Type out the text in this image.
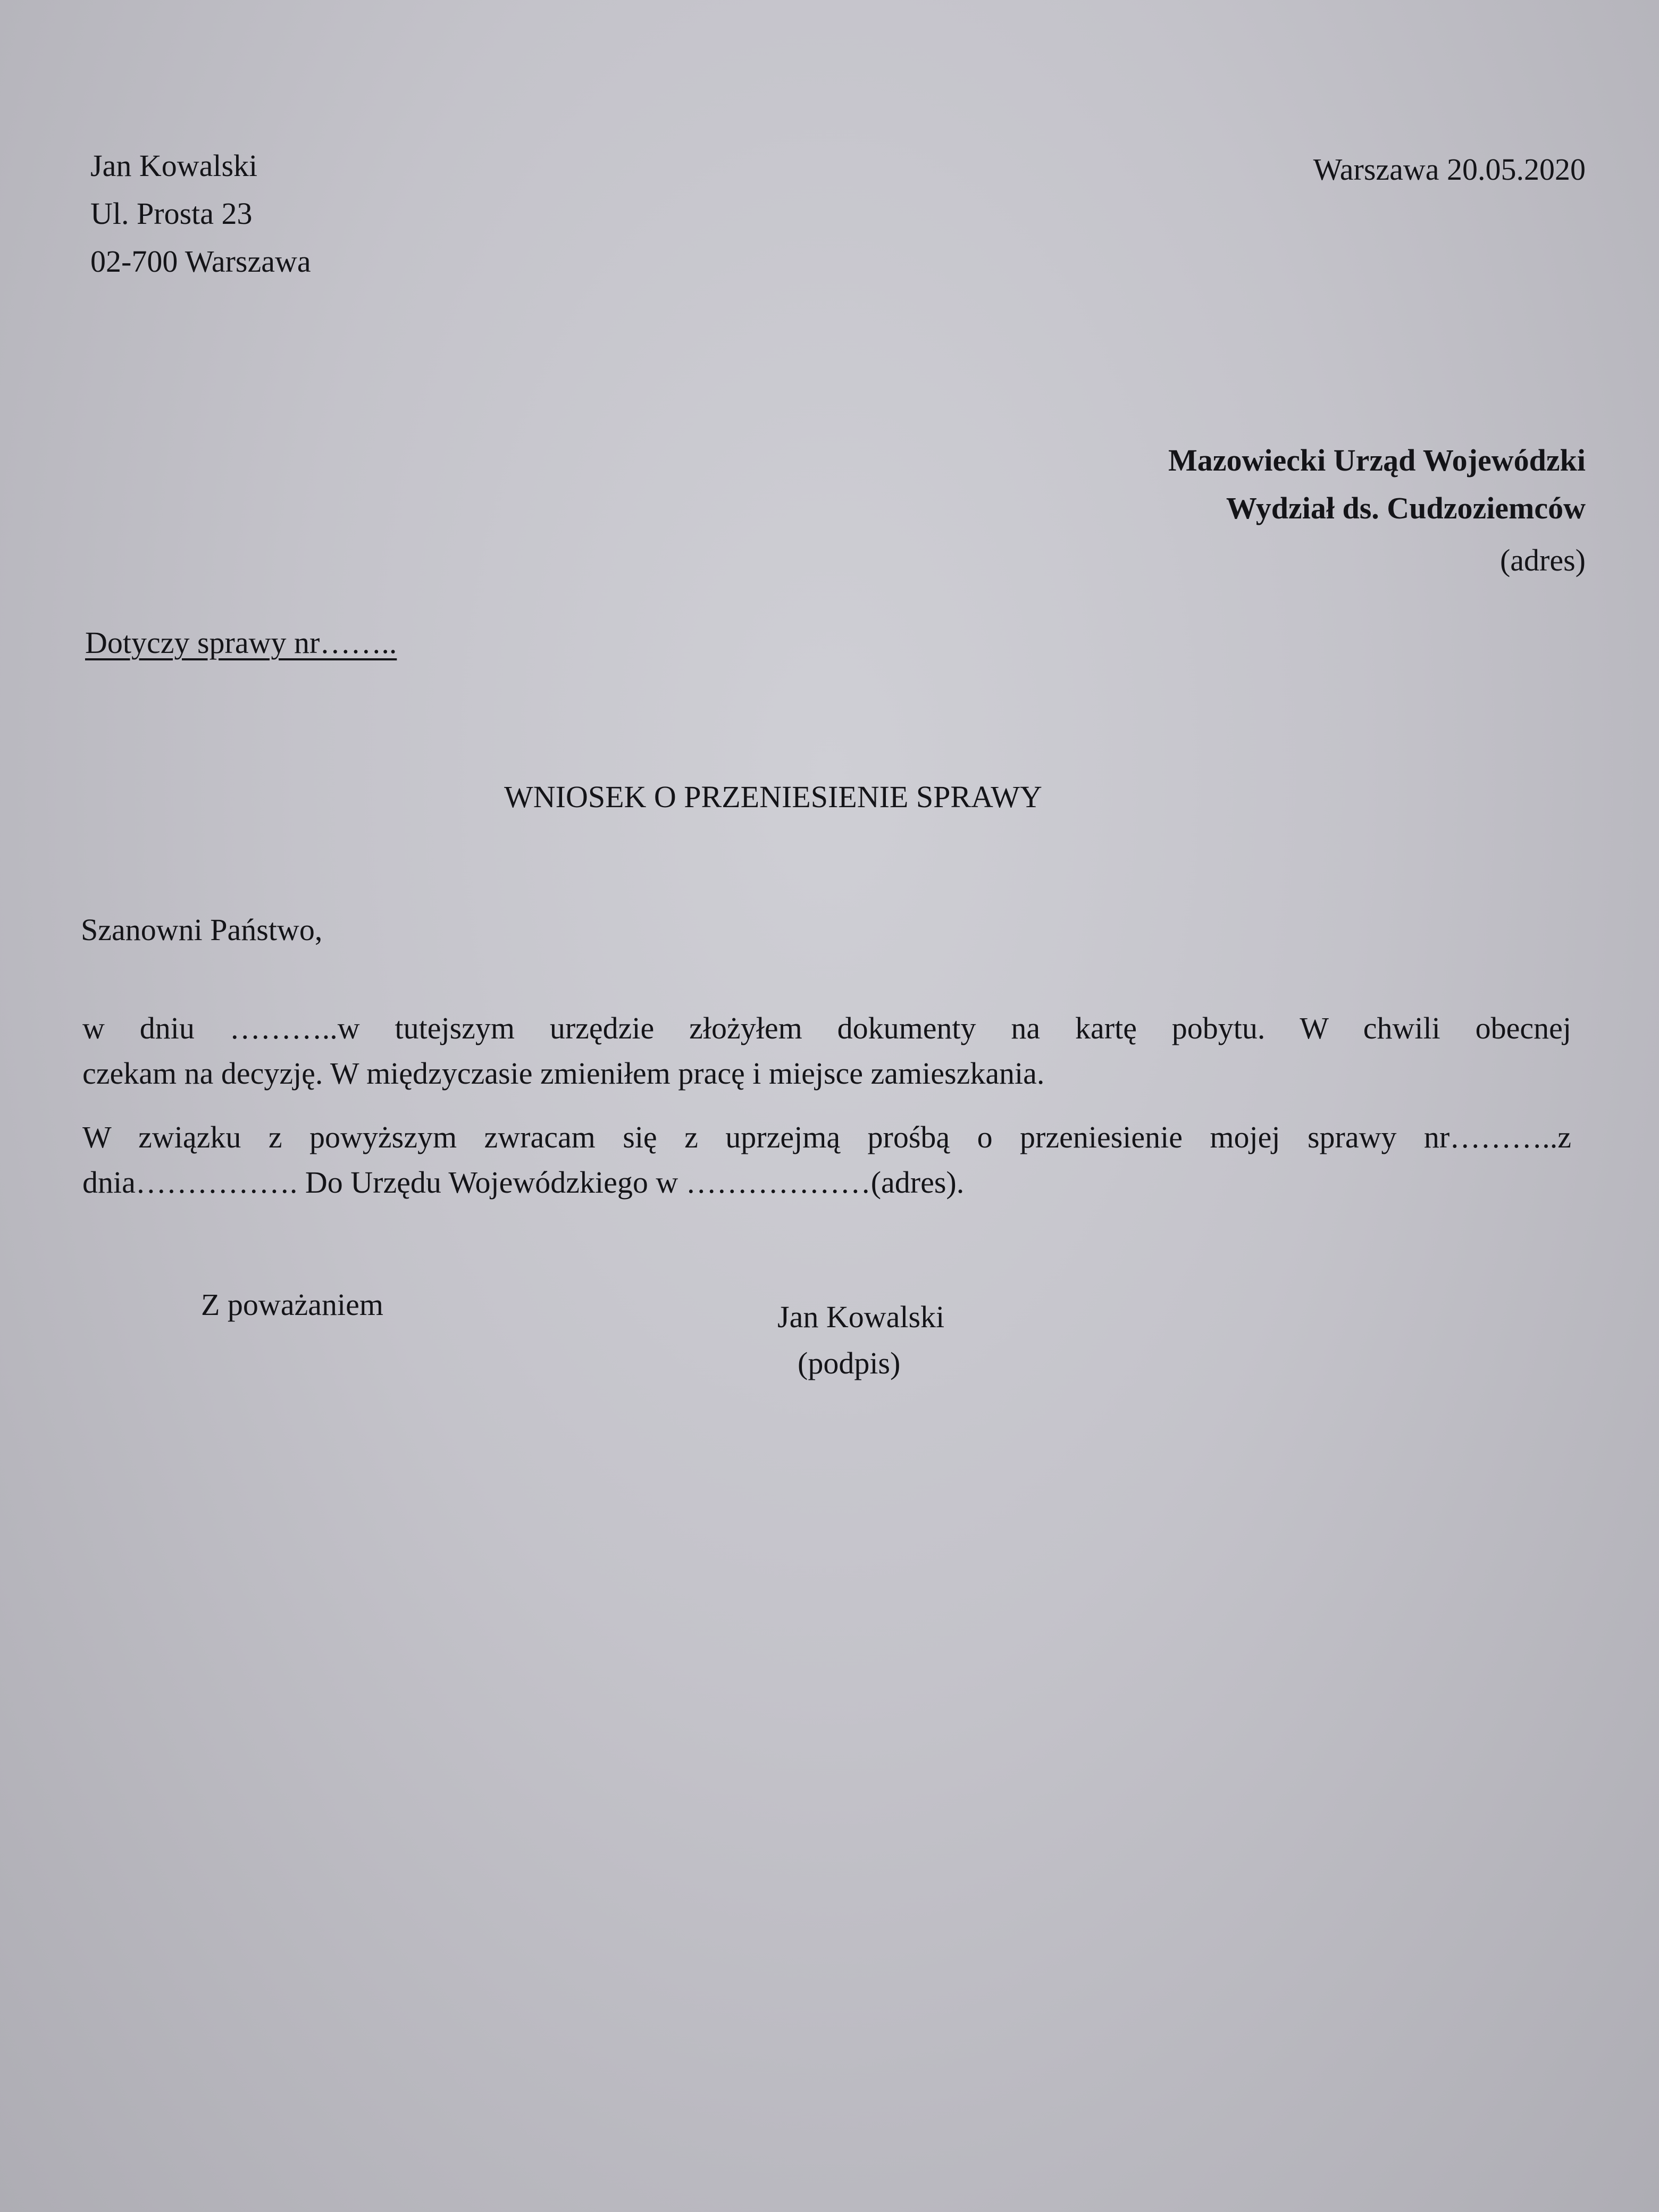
Jan Kowalski
Ul. Prosta 23
02-700 Warszawa
Warszawa 20.05.2020
Mazowiecki Urząd Wojewódzki
Wydział ds. Cudzoziemców
(adres)
Dotyczy sprawy nr……..
WNIOSEK O PRZENIESIENIE SPRAWY
Szanowni Państwo,
w dniu ………..w tutejszym urzędzie złożyłem dokumenty na kartę pobytu. W chwili obecnej
czekam na decyzję. W międzyczasie zmieniłem pracę i miejsce zamieszkania.
W związku z powyższym zwracam się z uprzejmą prośbą o przeniesienie mojej sprawy nr………..z
dnia……………. Do Urzędu Wojewódzkiego w ………………(adres).
Z poważaniem	Jan Kowalski
(podpis)
